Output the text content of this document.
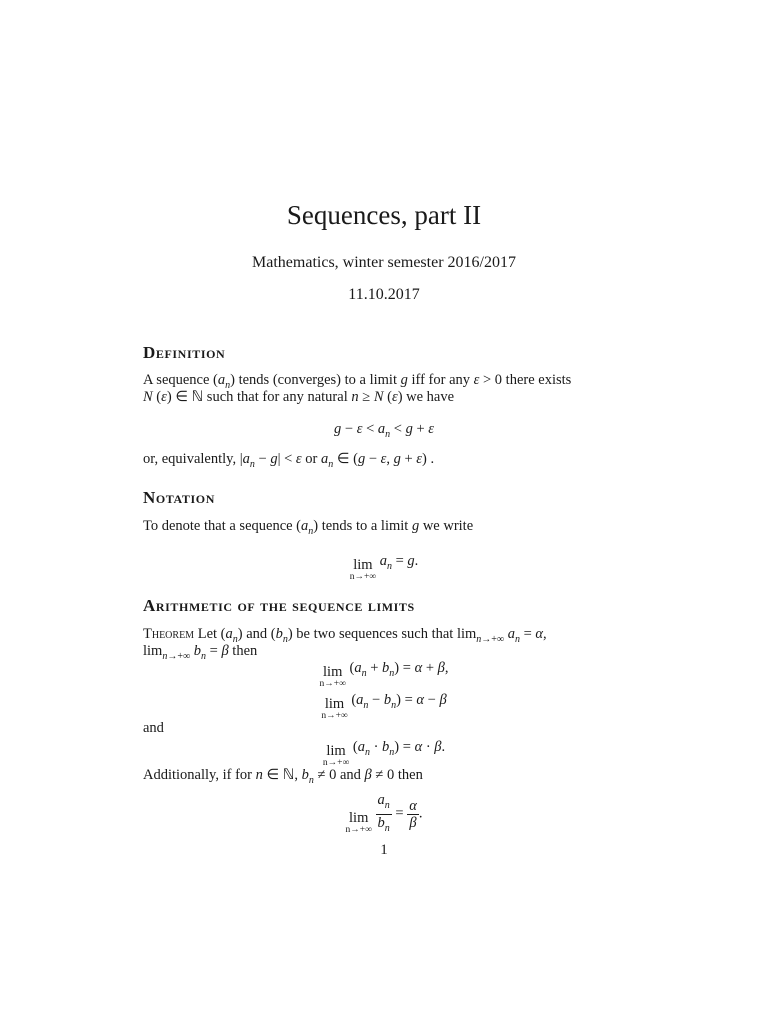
Sequences, part II
Mathematics, winter semester 2016/2017
11.10.2017
Definition
A sequence $(a_n)$ tends (converges) to a limit g iff for any ε > 0 there exists
N (ε) ∈ ℕ such that for any natural n ≥ N (ε) we have
$g - \varepsilon < a_n < g + \varepsilon$
or, equivalently, $|a_n - g| < \varepsilon$ or $a_n$ ∈ (g − ε, g + ε) .
Notation
To denote that a sequence $(a_n)$ tends to a limit g we write
lim
n→+∞
$a_n = g$.
Arithmetic of the sequence limits
Theorem Let $(a_n)$ and $(b_n)$ be two sequences such that $\lim_{n\to+\infty} a_n = \alpha$,
$\lim_{n\to+\infty} b_n = \beta$ then
lim
n→+∞
$(a_n + b_n) = \alpha + \beta$,
lim
n→+∞
$(a_n - b_n) = \alpha - \beta$
and
lim
n→+∞
$(a_n \cdot b_n) = \alpha \cdot \beta$.
Additionally, if for n ∈ ℕ, $b_n \ne 0$ and β ≠ 0 then
lim
n→+∞
$\frac{a_n}{b_n} = \frac{\alpha}{\beta}$ .
1
